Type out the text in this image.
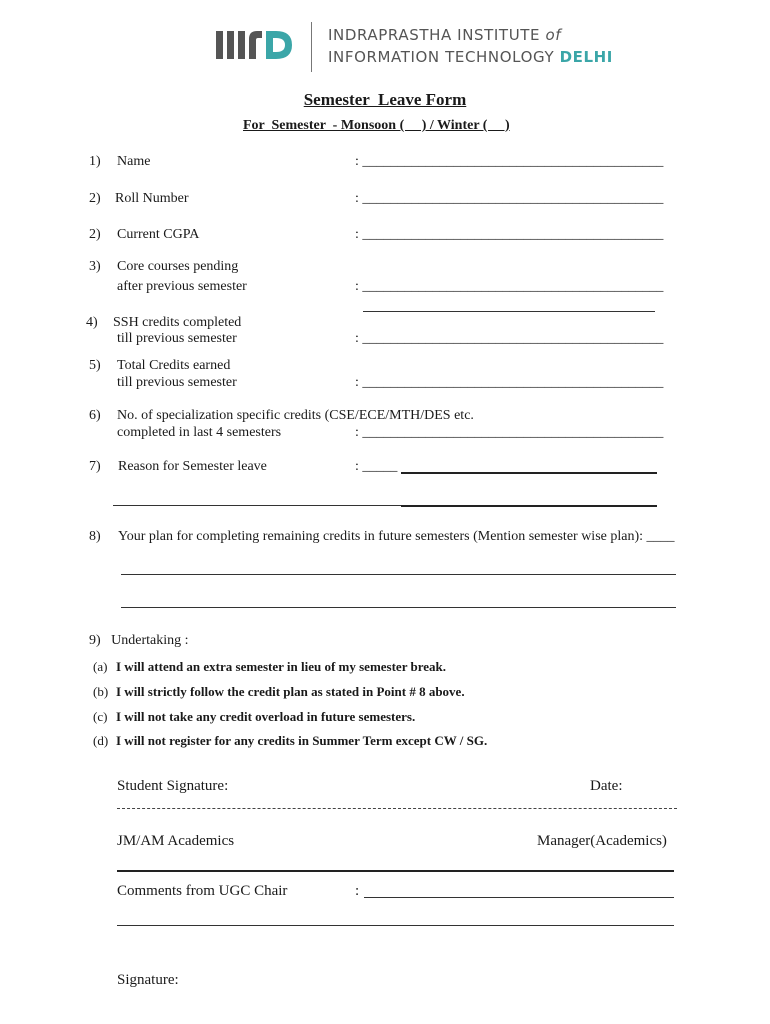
INDRAPRASTHA INSTITUTE of
INFORMATION TECHNOLOGY DELHI
Semester  Leave Form
For  Semester  - Monsoon (     ) / Winter (     )
1) Name	: ___________________________________________
2) Roll Number	: ___________________________________________
2) Current CGPA	: ___________________________________________
3) Core courses pending
after previous semester	: ___________________________________________
4) SSH credits completed
till previous semester	: ___________________________________________
5) Total Credits earned
till previous semester	: ___________________________________________
6) No. of specialization specific credits (CSE/ECE/MTH/DES etc.
completed in last 4 semesters	: ___________________________________________
7) Reason for Semester leave	: _____
8) Your plan for completing remaining credits in future semesters (Mention semester wise plan): ____
9)   Undertaking :
(a) I will attend an extra semester in lieu of my semester break.
(b) I will strictly follow the credit plan as stated in Point # 8 above.
(c) I will not take any credit overload in future semesters.
(d) I will not register for any credits in Summer Term except CW / SG.
Student Signature:	Date:
JM/AM Academics	Manager(Academics)
Comments from UGC Chair	:
Signature:
